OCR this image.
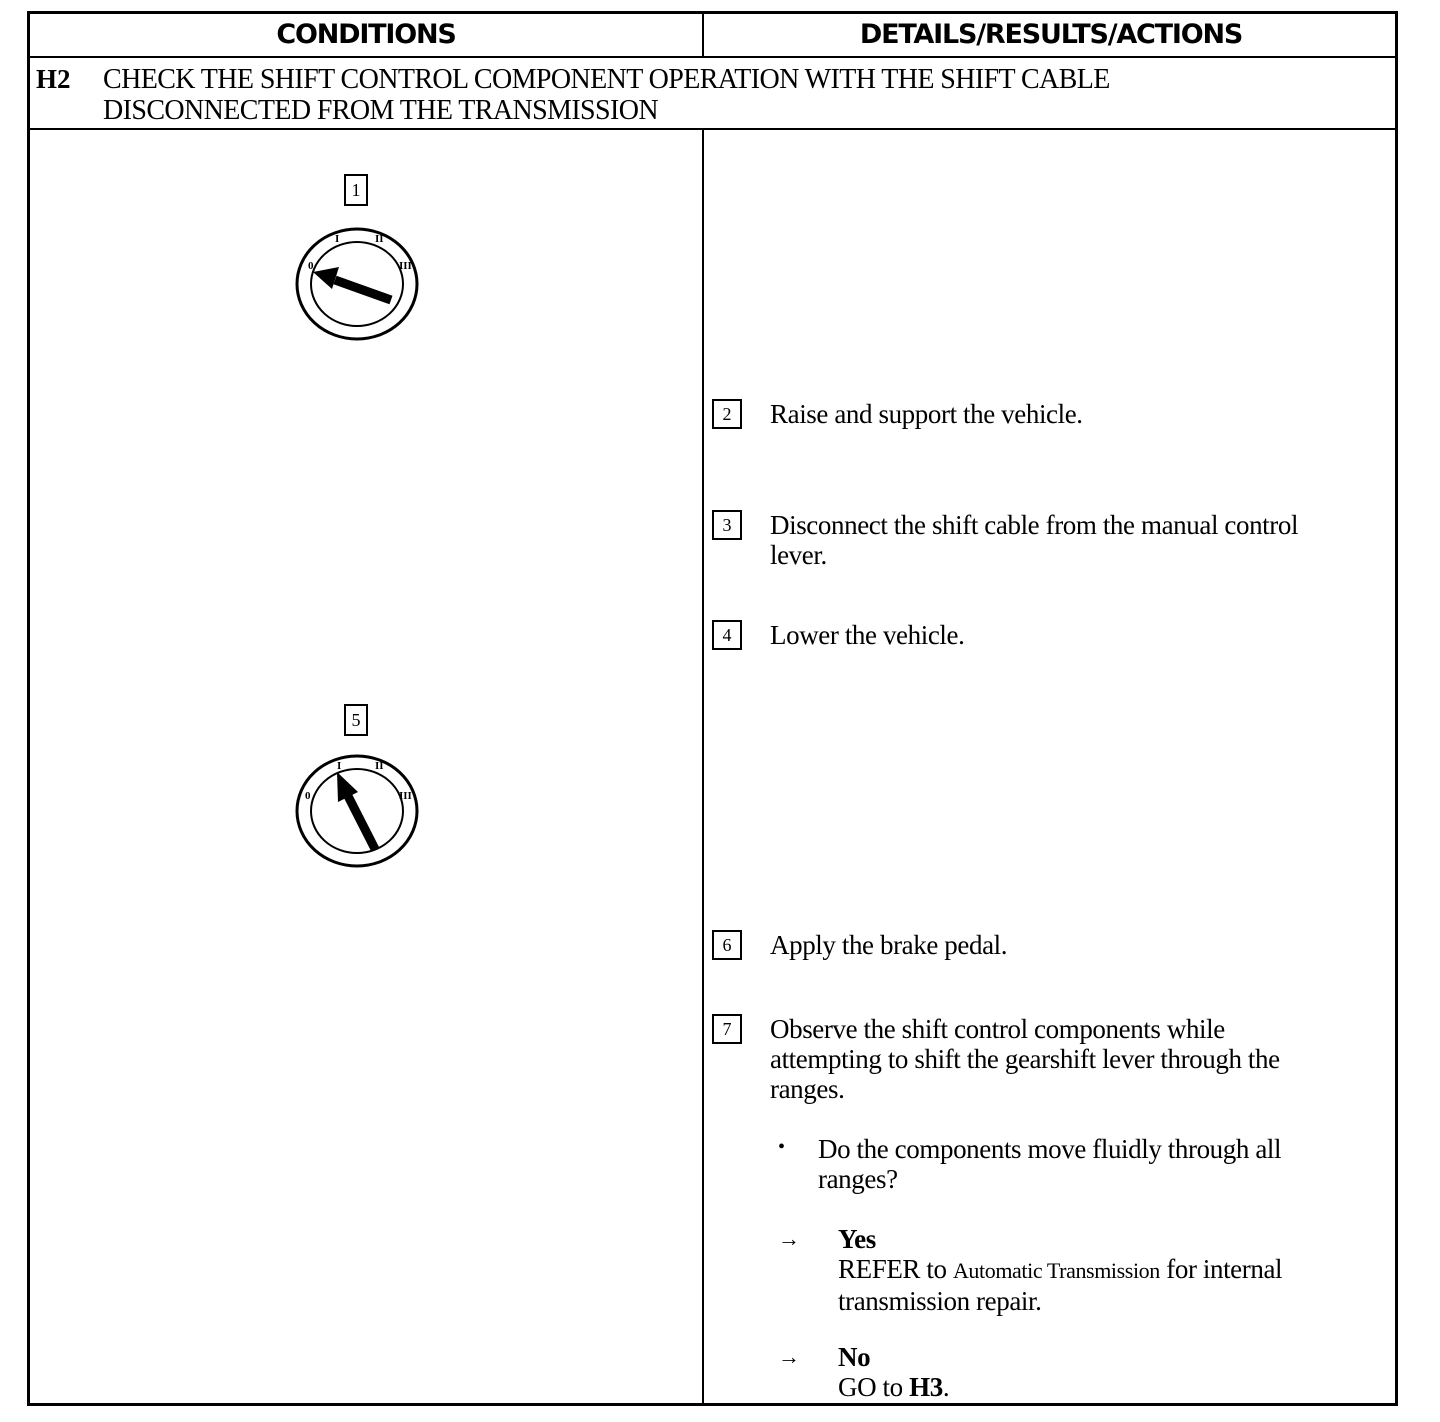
CONDITIONS	DETAILS/RESULTS/ACTIONS
H2 CHECK THE SHIFT CONTROL COMPONENT OPERATION WITH THE SHIFT CABLE
DISCONNECTED FROM THE TRANSMISSION
1
0
I	II
III
5
0
I	II
III
2	Raise and support the vehicle.
3	Disconnect the shift cable from the manual control
lever.
4	Lower the vehicle.
6	Apply the brake pedal.
7	Observe the shift control components while
attempting to shift the gearshift lever through the
ranges.
• Do the components move fluidly through all
ranges?
→ Yes
REFER to Automatic Transmission for internal
transmission repair.
→ No
GO to H3.
